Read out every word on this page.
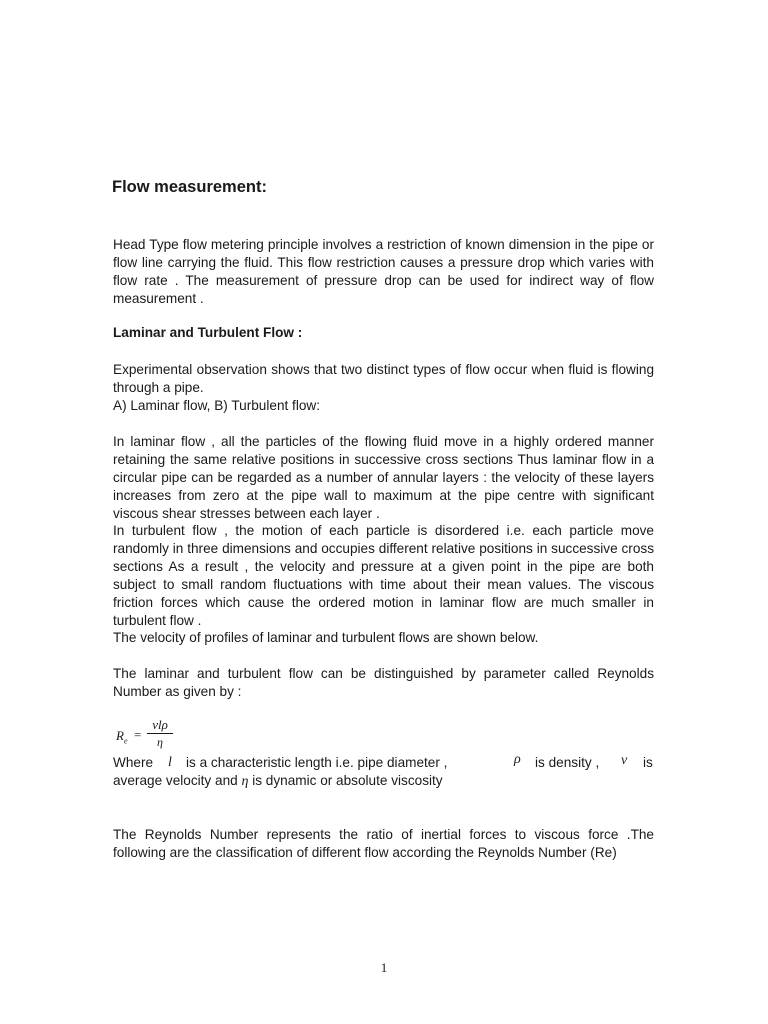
Flow measurement:

Head Type flow metering principle involves a restriction of known dimension in the pipe or flow line carrying the fluid. This flow restriction causes a pressure drop which varies with flow rate . The measurement of pressure drop can be used for indirect way of flow measurement .

Laminar and Turbulent Flow :

Experimental observation shows that two distinct types of flow occur when fluid is flowing through a pipe.
A) Laminar flow, B) Turbulent flow:

In laminar flow , all the particles of the flowing fluid move in a highly ordered manner retaining the same relative positions in successive cross sections Thus laminar flow in a circular pipe can be regarded as a number of annular layers : the velocity of these layers increases from zero at the pipe wall to maximum at the pipe centre with significant viscous shear stresses between each layer .

In turbulent flow , the motion of each particle is disordered i.e. each particle move randomly in three dimensions and occupies different relative positions in successive cross sections As a result , the velocity and pressure at a given point in the pipe are both subject to small random fluctuations with time about their mean values. The viscous friction forces which cause the ordered motion in laminar flow are much smaller in turbulent flow .

The velocity of profiles of laminar and turbulent flows are shown below.

The laminar and turbulent flow can be distinguished by parameter called Reynolds Number as given by :

$R_e$ =
vlρ
η
Where l is a characteristic length i.e. pipe diameter ,	ρ is density , v is
average velocity and η is dynamic or absolute viscosity

The Reynolds Number represents the ratio of inertial forces to viscous force .The following are the classification of different flow according the Reynolds Number (Re)

1
